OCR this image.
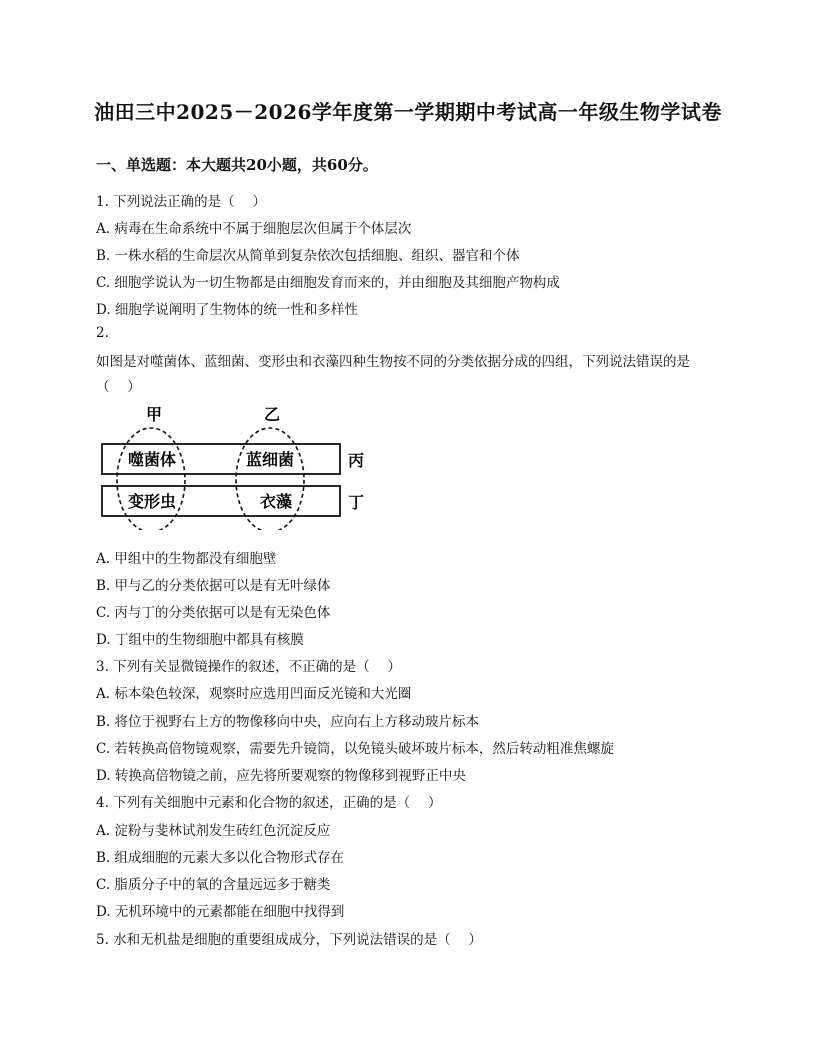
油田三中2025－2026学年度第一学期期中考试高一年级生物学试卷
一、单选题：本大题共20小题，共60分。
1. 下列说法正确的是（　 ）
A. 病毒在生命系统中不属于细胞层次但属于个体层次
B. 一株水稻的生命层次从简单到复杂依次包括细胞、组织、器官和个体
C. 细胞学说认为一切生物都是由细胞发育而来的，并由细胞及其细胞产物构成
D. 细胞学说阐明了生物体的统一性和多样性
2.
如图是对噬菌体、蓝细菌、变形虫和衣藻四种生物按不同的分类依据分成的四组，下列说法错误的是
（　 ）
甲	乙
噬菌体	蓝细菌
变形虫	衣藻
丙
丁
A. 甲组中的生物都没有细胞壁
B. 甲与乙的分类依据可以是有无叶绿体
C. 丙与丁的分类依据可以是有无染色体
D. 丁组中的生物细胞中都具有核膜
3. 下列有关显微镜操作的叙述，不正确的是（　 ）
A. 标本染色较深，观察时应选用凹面反光镜和大光圈
B. 将位于视野右上方的物像移向中央，应向右上方移动玻片标本
C. 若转换高倍物镜观察，需要先升镜筒，以免镜头破坏玻片标本，然后转动粗准焦螺旋
D. 转换高倍物镜之前，应先将所要观察的物像移到视野正中央
4. 下列有关细胞中元素和化合物的叙述，正确的是（　 ）
A. 淀粉与斐林试剂发生砖红色沉淀反应
B. 组成细胞的元素大多以化合物形式存在
C. 脂质分子中的氧的含量远远多于糖类
D. 无机环境中的元素都能在细胞中找得到
5. 水和无机盐是细胞的重要组成成分，下列说法错误的是（　 ）
